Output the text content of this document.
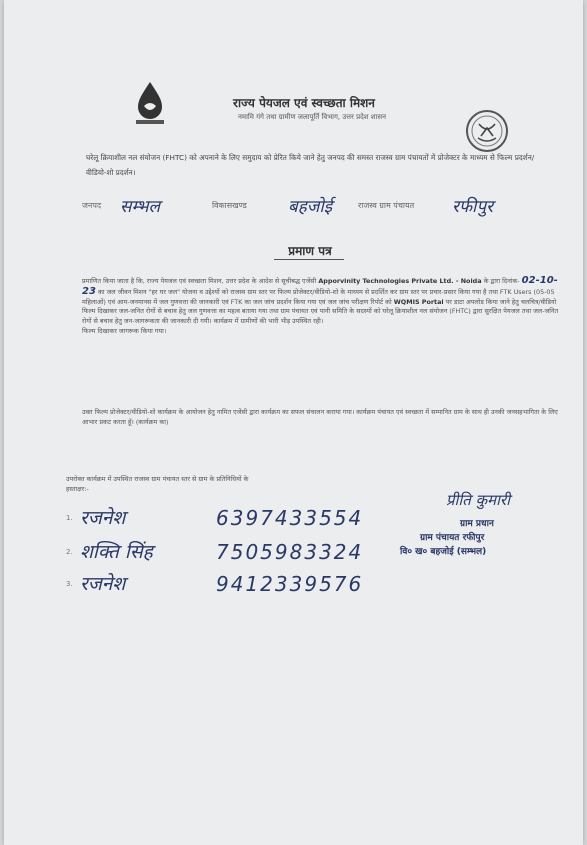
राज्य पेयजल एवं स्वच्छता मिशन
नमामि गंगे तथा ग्रामीण जलापूर्ति विभाग, उत्तर प्रदेश शासन
घरेलू क्रियाशील नल संयोजन (FHTC) को अपनाने के लिए समुदाय को प्रेरित किये जाने हेतु जनपद की समस्त राजस्व ग्राम पंचायतों में प्रोजेक्टर के माध्यम से फिल्म प्रदर्शन/वीडियो-शो प्रदर्शन।
जनपद सम्भल	विकासखण्ड बहजोई	राजस्व ग्राम पंचायत रफीपुर
प्रमाण पत्र
प्रमाणित किया जाता है कि, राज्य पेयजल एवं स्वच्छता मिशन, उत्तर प्रदेश के आदेश से सूचीबद्ध एजेंसी Apporvinity Technologies Private Ltd. - Noida के द्वारा दिनांक- 02-10-23 का जल जीवन मिशन "हर घर जल" योजना व उद्देश्यों को राजस्व ग्राम स्तर पर फिल्म प्रोजेक्टर/वीडियो-शो के माध्यम से प्रदर्शित कर ग्राम स्तर पर प्रचार-प्रसार किया गया है तथा FTK Users (05-05 महिलाओं) एवं आम-जनमानस में जल गुणवत्ता की जानकारी एवं FTK का जल जांच प्रदर्शन किया गया एवं जल जांच परीक्षण रिपोर्ट को WQMIS Portal पर डाटा अपलोड किया जाने हेतु चलचित्र/वीडियो फिल्म दिखाकर जल-जनित रोगों से बचाव हेतु जल गुणवत्ता का महत्व बताया गया तथा ग्राम पंचायत एवं पानी समिति के सदस्यों को घरेलू क्रियाशील नल संयोजन (FHTC) द्वारा सुरक्षित पेयजल तथा जल-जनित रोगों से बचाव हेतु जन-जागरूकता की जानकारी दी गयी। कार्यक्रम में ग्रामीणों की भारी भीड़ उपस्थित रही।
फिल्म दिखाकर जागरूक किया गया।
उक्त फिल्म प्रोजेक्टर/वीडियो-शो कार्यक्रम के आयोजन हेतु नामित एजेंसी द्वारा कार्यक्रम का सफल संचालन कराया गया। कार्यक्रम पंचायत एवं स्वच्छता में सम्मानित ग्राम के साथ ही उनकी जनसहभागिता के लिए आभार प्रकट करता हूँ। (कार्यक्रम का)
उपरोक्त कार्यक्रम में उपस्थित राजस्व ग्राम पंचायत स्तर से ग्राम के प्रतिनिधियों के
हस्ताक्षर:-
1. रजनेश	6397433554
2. शक्ति सिंह	7505983324
3. रजनेश	9412339576
प्रीति कुमारी
ग्राम प्रधान
ग्राम पंचायत रफीपुर
वि० ख० बहजोई (सम्भल)
